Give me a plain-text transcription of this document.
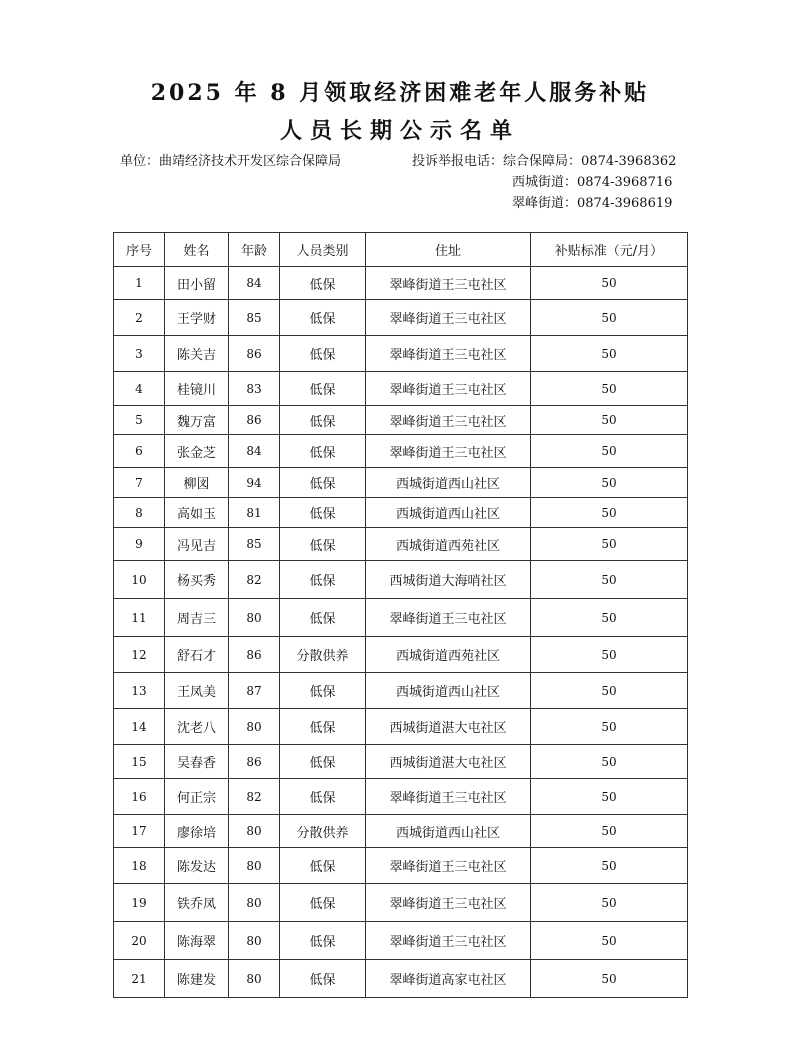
2025 年 8 月领取经济困难老年人服务补贴
人员长期公示名单
单位：曲靖经济技术开发区综合保障局	投诉举报电话：综合保障局：0874-3968362
西城街道：0874-3968716
翠峰街道：0874-3968619
序号	姓名	年龄	人员类别	住址	补贴标准（元/月）
1	田小留	84	低保	翠峰街道王三屯社区	50
2	王学财	85	低保	翠峰街道王三屯社区	50
3	陈关吉	86	低保	翠峰街道王三屯社区	50
4	桂镜川	83	低保	翠峰街道王三屯社区	50
5	魏万富	86	低保	翠峰街道王三屯社区	50
6	张金芝	84	低保	翠峰街道王三屯社区	50
7	柳図	94	低保	西城街道西山社区	50
8	高如玉	81	低保	西城街道西山社区	50
9	冯见吉	85	低保	西城街道西苑社区	50
10	杨买秀	82	低保	西城街道大海哨社区	50
11	周吉三	80	低保	翠峰街道王三屯社区	50
12	舒石才	86	分散供养	西城街道西苑社区	50
13	王凤美	87	低保	西城街道西山社区	50
14	沈老八	80	低保	西城街道湛大屯社区	50
15	吴春香	86	低保	西城街道湛大屯社区	50
16	何正宗	82	低保	翠峰街道王三屯社区	50
17	廖徐培	80	分散供养	西城街道西山社区	50
18	陈发达	80	低保	翠峰街道王三屯社区	50
19	铁乔凤	80	低保	翠峰街道王三屯社区	50
20	陈海翠	80	低保	翠峰街道王三屯社区	50
21	陈建发	80	低保	翠峰街道高家屯社区	50
